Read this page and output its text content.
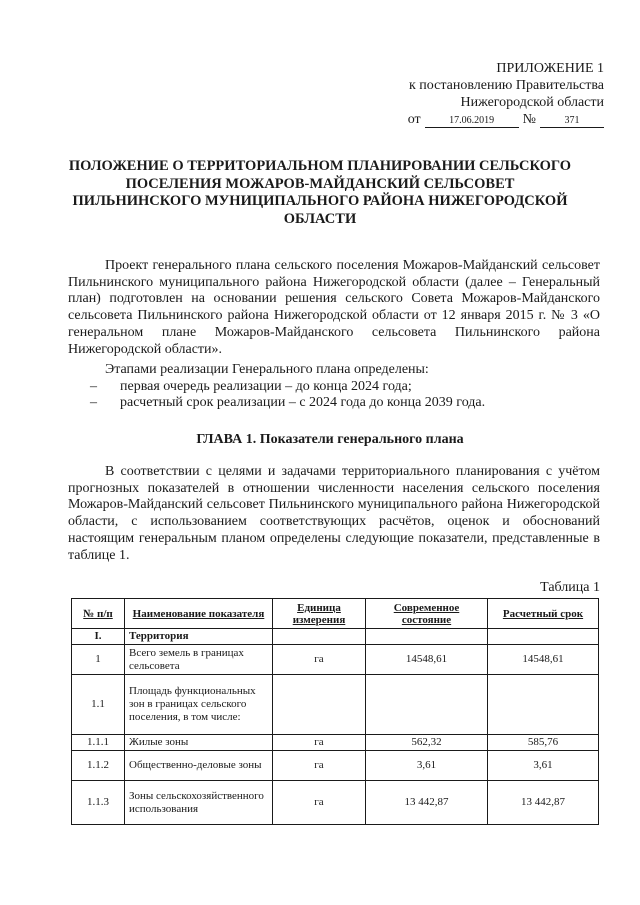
ПРИЛОЖЕНИЕ 1
к постановлению Правительства
Нижегородской области
от	17.06.2019	№	371
ПОЛОЖЕНИЕ О ТЕРРИТОРИАЛЬНОМ ПЛАНИРОВАНИИ СЕЛЬСКОГО ПОСЕЛЕНИЯ МОЖАРОВ-МАЙДАНСКИЙ СЕЛЬСОВЕТ ПИЛЬНИНСКОГО МУНИЦИПАЛЬНОГО РАЙОНА НИЖЕГОРОДСКОЙ ОБЛАСТИ
Проект генерального плана сельского поселения Можаров-Майданский сельсовет Пильнинского муниципального района Нижегородской области (далее – Генеральный план) подготовлен на основании решения сельского Совета Можаров-Майданского сельсовета Пильнинского района Нижегородской области от 12 января 2015 г. № 3 «О генеральном плане Можаров-Майданского сельсовета Пильнинского района Нижегородской области».
Этапами реализации Генерального плана определены:
–	первая очередь реализации – до конца 2024 года;
–	расчетный срок реализации – с 2024 года до конца 2039 года.
ГЛАВА 1. Показатели генерального плана
В соответствии с целями и задачами территориального планирования с учётом прогнозных показателей в отношении численности населения сельского поселения Можаров-Майданский сельсовет Пильнинского муниципального района Нижегородской области, с использованием соответствующих расчётов, оценок и обоснований настоящим генеральным планом определены следующие показатели, представленные в таблице 1.
Таблица 1
№ п/п	Наименование показателя	Единица измерения	Современное состояние	Расчетный срок
I.	Территория			
1	Всего земель в границах сельсовета	га	14548,61	14548,61
1.1	Площадь функциональных зон в границах сельского поселения, в том числе:			
1.1.1	Жилые зоны	га	562,32	585,76
1.1.2	Общественно-деловые зоны	га	3,61	3,61
1.1.3	Зоны сельскохозяйственного использования	га	13 442,87	13 442,87
